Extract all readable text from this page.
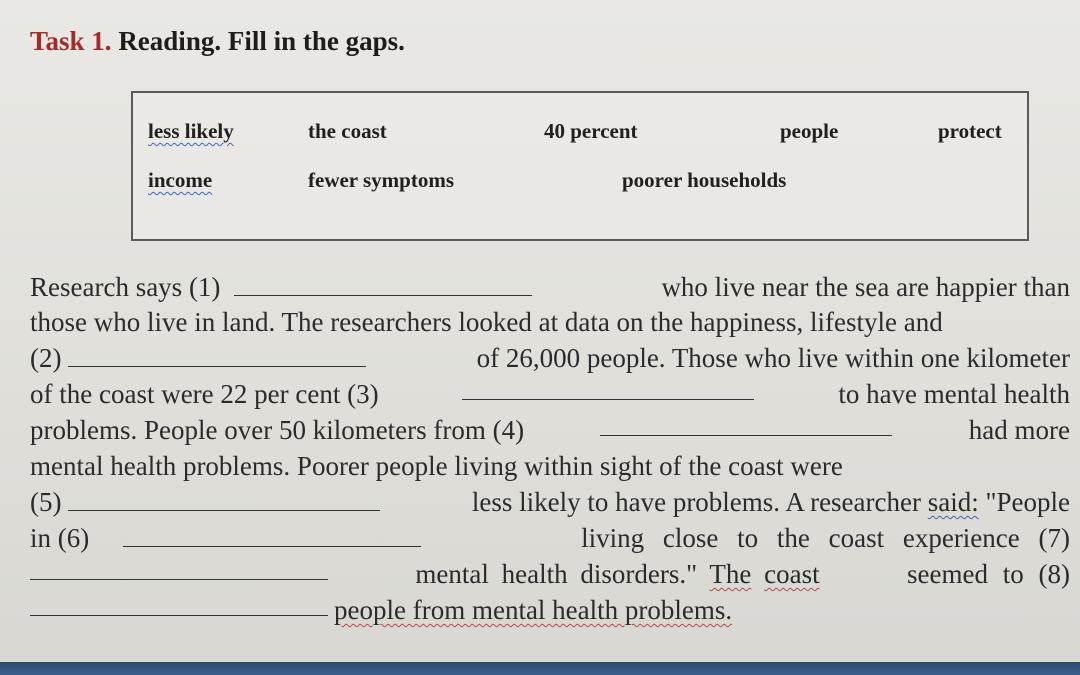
Task 1. Reading. Fill in the gaps.
less likely	the coast	40 percent	people	protect
income	fewer symptoms	poorer households
Research says (1)	who live near the sea are happier than
those who live in land. The researchers looked at data on the happiness, lifestyle and
(2)	of 26,000 people. Those who live within one kilometer
of the coast were 22 per cent (3)	to have mental health
problems. People over 50 kilometers from (4)	had more
mental health problems. Poorer people living within sight of the coast were
(5)	less likely to have problems. A researcher said: "People
in (6)	living close to the coast experience (7)
mental health disorders." The coast	seemed to (8)
people from mental health problems.
